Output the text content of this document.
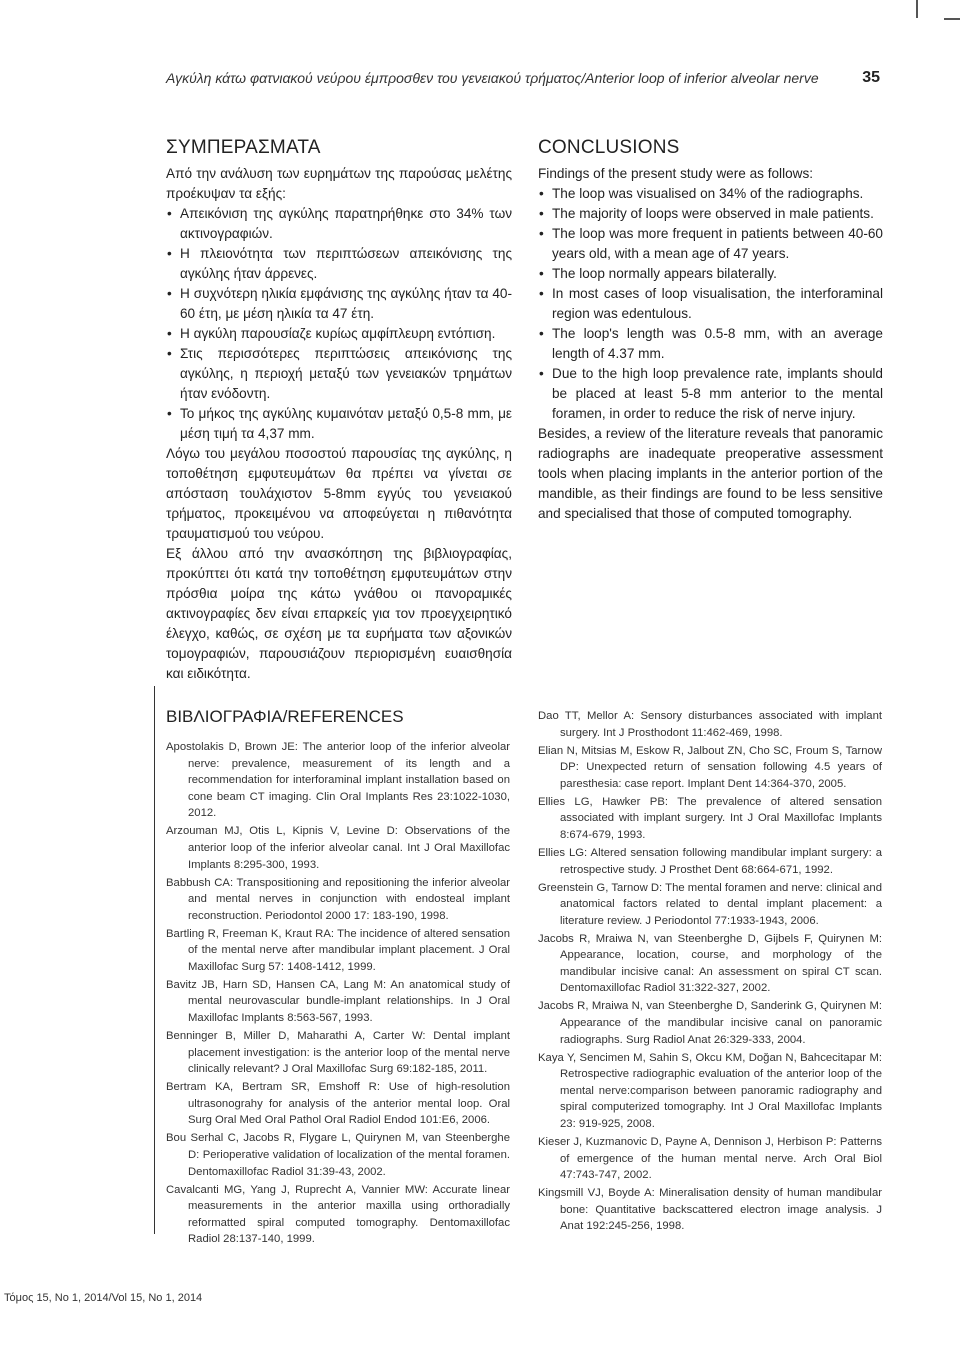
Αγκύλη κάτω φατνιακού νεύρου έμπροσθεν του γενειακού τρήματος/Anterior loop of inferior alveolar nerve	35
ΣΥΜΠΕΡΑΣΜΑΤΑ

Από την ανάλυση των ευρημάτων της παρούσας μελέτης προέκυψαν τα εξής:

• Απεικόνιση της αγκύλης παρατηρήθηκε στο 34% των ακτινογραφιών.
• Η πλειονότητα των περιπτώσεων απεικόνισης της αγκύλης ήταν άρρενες.
• Η συχνότερη ηλικία εμφάνισης της αγκύλης ήταν τα 40-60 έτη, με μέση ηλικία τα 47 έτη.
• Η αγκύλη παρουσίαζε κυρίως αμφίπλευρη εντόπιση.
• Στις περισσότερες περιπτώσεις απεικόνισης της αγκύλης, η περιοχή μεταξύ των γενειακών τρημάτων ήταν ενόδοντη.
• Το μήκος της αγκύλης κυμαινόταν μεταξύ 0,5-8 mm, με μέση τιμή τα 4,37 mm.

Λόγω του μεγάλου ποσοστού παρουσίας της αγκύλης, η τοποθέτηση εμφυτευμάτων θα πρέπει να γίνεται σε απόσταση τουλάχιστον 5-8mm εγγύς του γενειακού τρήματος, προκειμένου να αποφεύγεται η πιθανότητα τραυματισμού του νεύρου.

Εξ άλλου από την ανασκόπηση της βιβλιογραφίας, προκύπτει ότι κατά την τοποθέτηση εμφυτευμάτων στην πρόσθια μοίρα της κάτω γνάθου οι πανοραμικές ακτινογραφίες δεν είναι επαρκείς για τον προεγχειρητικό έλεγχο, καθώς, σε σχέση με τα ευρήματα των αξονικών τομογραφιών, παρουσιάζουν περιορισμένη ευαισθησία και ειδικότητα.

CONCLUSIONS

Findings of the present study were as follows:

• The loop was visualised on 34% of the radiographs.
• The majority of loops were observed in male patients.
• The loop was more frequent in patients between 40-60 years old, with a mean age of 47 years.
• The loop normally appears bilaterally.
• In most cases of loop visualisation, the interforaminal region was edentulous.
• The loop's length was 0.5-8 mm, with an average length of 4.37 mm.
• Due to the high loop prevalence rate, implants should be placed at least 5-8 mm anterior to the mental foramen, in order to reduce the risk of nerve injury.

Besides, a review of the literature reveals that panoramic radiographs are inadequate preoperative assessment tools when placing implants in the anterior portion of the mandible, as their findings are found to be less sensitive and specialised that those of computed tomography.

ΒΙΒΛΙΟΓΡΑΦΙΑ/REFERENCES

Apostolakis D, Brown JE: The anterior loop of the inferior alveolar nerve: prevalence, measurement of its length and a recommendation for interforaminal implant installation based on cone beam CT imaging. Clin Oral Implants Res 23:1022-1030, 2012.

Arzouman MJ, Otis L, Kipnis V, Levine D: Observations of the anterior loop of the inferior alveolar canal. Int J Oral Maxillofac Implants 8:295-300, 1993.

Babbush CA: Transpositioning and repositioning the inferior alveolar and mental nerves in conjunction with endosteal implant reconstruction. Periodontol 2000 17: 183-190, 1998.

Bartling R, Freeman K, Kraut RA: The incidence of altered sensation of the mental nerve after mandibular implant placement. J Oral Maxillofac Surg 57: 1408-1412, 1999.

Bavitz JB, Harn SD, Hansen CA, Lang M: An anatomical study of mental neurovascular bundle-implant relationships. In J Oral Maxillofac Implants 8:563-567, 1993.

Benninger B, Miller D, Maharathi A, Carter W: Dental implant placement investigation: is the anterior loop of the mental nerve clinically relevant? J Oral Maxillofac Surg 69:182-185, 2011.

Bertram KA, Bertram SR, Emshoff R: Use of high-resolution ultrasonograhy for analysis of the anterior mental loop. Oral Surg Oral Med Oral Pathol Oral Radiol Endod 101:E6, 2006.

Bou Serhal C, Jacobs R, Flygare L, Quirynen M, van Steenberghe D: Perioperative validation of localization of the mental foramen. Dentomaxillofac Radiol 31:39-43, 2002.

Cavalcanti MG, Yang J, Ruprecht A, Vannier MW: Accurate linear measurements in the anterior maxilla using orthoradially reformatted spiral computed tomography. Dentomaxillofac Radiol 28:137-140, 1999.

Dao TT, Mellor A: Sensory disturbances associated with implant surgery. Int J Prosthodont 11:462-469, 1998.

Elian N, Mitsias M, Eskow R, Jalbout ZN, Cho SC, Froum S, Tarnow DP: Unexpected return of sensation following 4.5 years of paresthesia: case report. Implant Dent 14:364-370, 2005.

Ellies LG, Hawker PB: The prevalence of altered sensation associated with implant surgery. Int J Oral Maxillofac Implants 8:674-679, 1993.

Ellies LG: Altered sensation following mandibular implant surgery: a retrospective study. J Prosthet Dent 68:664-671, 1992.

Greenstein G, Tarnow D: The mental foramen and nerve: clinical and anatomical factors related to dental implant placement: a literature review. J Periodontol 77:1933-1943, 2006.

Jacobs R, Mraiwa N, van Steenberghe D, Gijbels F, Quirynen M: Appearance, location, course, and morphology of the mandibular incisive canal: An assessment on spiral CT scan. Dentomaxillofac Radiol 31:322-327, 2002.

Jacobs R, Mraiwa N, van Steenberghe D, Sanderink G, Quirynen M: Appearance of the mandibular incisive canal on panoramic radiographs. Surg Radiol Anat 26:329-333, 2004.

Kaya Y, Sencimen M, Sahin S, Okcu KM, Doğan N, Bahcecitapar M: Retrospective radiographic evaluation of the anterior loop of the mental nerve:comparison between panoramic radiography and spiral computerized tomography. Int J Oral Maxillofac Implants 23: 919-925, 2008.

Kieser J, Kuzmanovic D, Payne A, Dennison J, Herbison P: Patterns of emergence of the human mental nerve. Arch Oral Biol 47:743-747, 2002.

Kingsmill VJ, Boyde A: Mineralisation density of human mandibular bone: Quantitative backscattered electron image analysis. J Anat 192:245-256, 1998.

Τόμος 15, No 1, 2014/Vol 15, No 1, 2014
